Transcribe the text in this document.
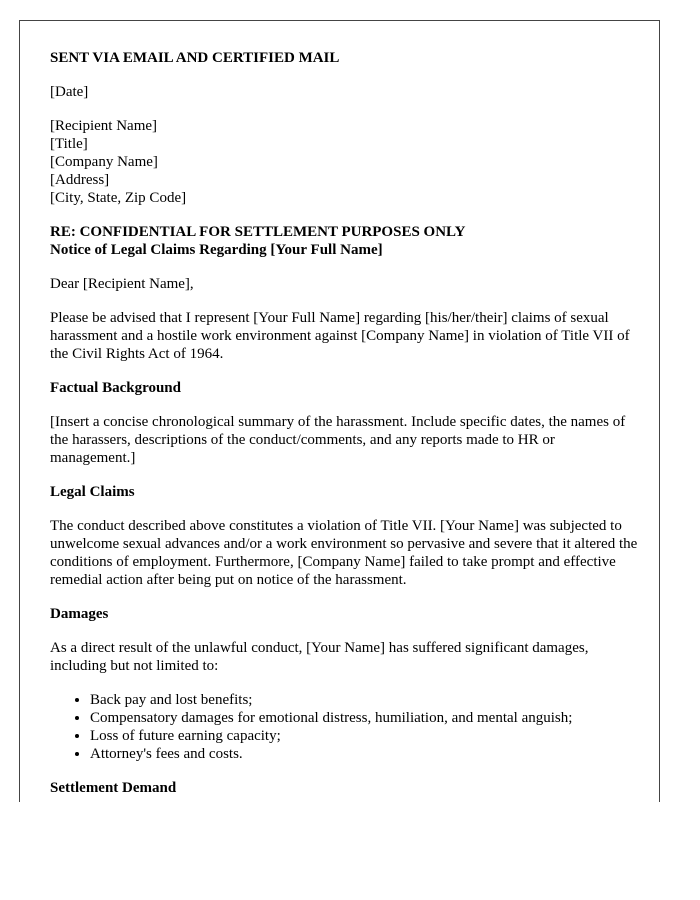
SENT VIA EMAIL AND CERTIFIED MAIL

[Date]

[Recipient Name]
[Title]
[Company Name]
[Address]
[City, State, Zip Code]

RE: CONFIDENTIAL FOR SETTLEMENT PURPOSES ONLY
Notice of Legal Claims Regarding [Your Full Name]

Dear [Recipient Name],

Please be advised that I represent [Your Full Name] regarding [his/her/their] claims of sexual harassment and a hostile work environment against [Company Name] in violation of Title VII of the Civil Rights Act of 1964.

Factual Background

[Insert a concise chronological summary of the harassment. Include specific dates, the names of the harassers, descriptions of the conduct/comments, and any reports made to HR or management.]

Legal Claims

The conduct described above constitutes a violation of Title VII. [Your Name] was subjected to unwelcome sexual advances and/or a work environment so pervasive and severe that it altered the conditions of employment. Furthermore, [Company Name] failed to take prompt and effective remedial action after being put on notice of the harassment.

Damages

As a direct result of the unlawful conduct, [Your Name] has suffered significant damages, including but not limited to:

• Back pay and lost benefits;
• Compensatory damages for emotional distress, humiliation, and mental anguish;
• Loss of future earning capacity;
• Attorney's fees and costs.

Settlement Demand
